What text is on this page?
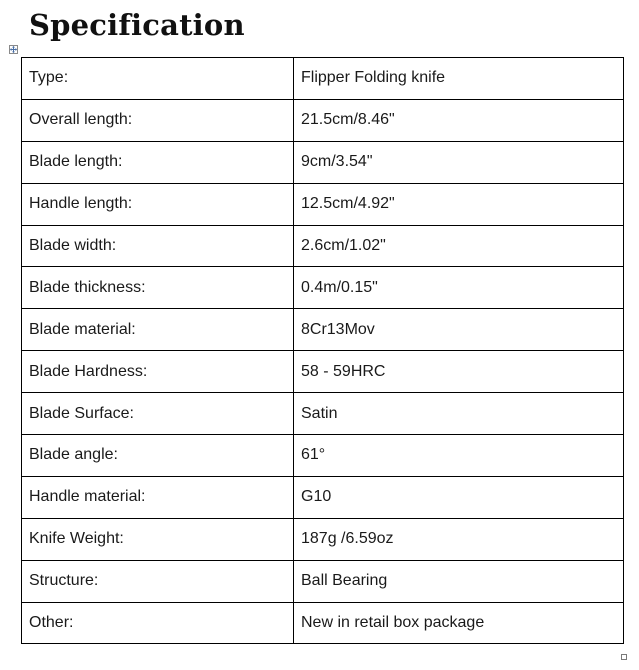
Specification
Type:	Flipper Folding knife
Overall length:	21.5cm/8.46"
Blade length:	9cm/3.54"
Handle length:	12.5cm/4.92"
Blade width:	2.6cm/1.02"
Blade thickness:	0.4m/0.15"
Blade material:	8Cr13Mov
Blade Hardness:	58 - 59HRC
Blade Surface:	Satin
Blade angle:	61°
Handle material:	G10
Knife Weight:	187g /6.59oz
Structure:	Ball Bearing
Other:	New in retail box package
